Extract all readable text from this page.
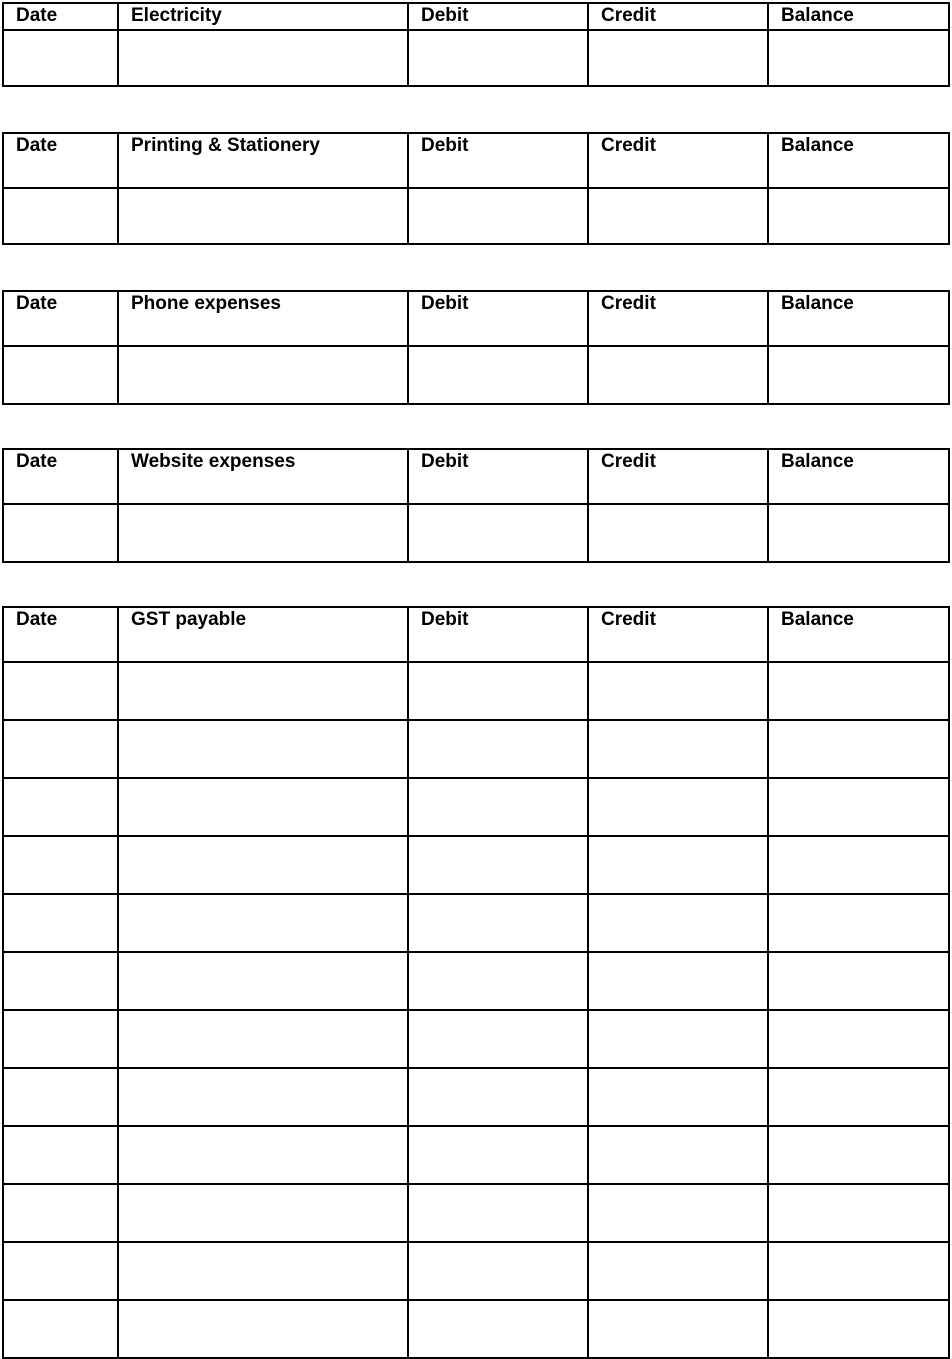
Date	Electricity	Debit	Credit	Balance

Date	Printing & Stationery	Debit	Credit	Balance

Date	Phone expenses	Debit	Credit	Balance

Date	Website expenses	Debit	Credit	Balance

Date	GST payable	Debit	Credit	Balance
